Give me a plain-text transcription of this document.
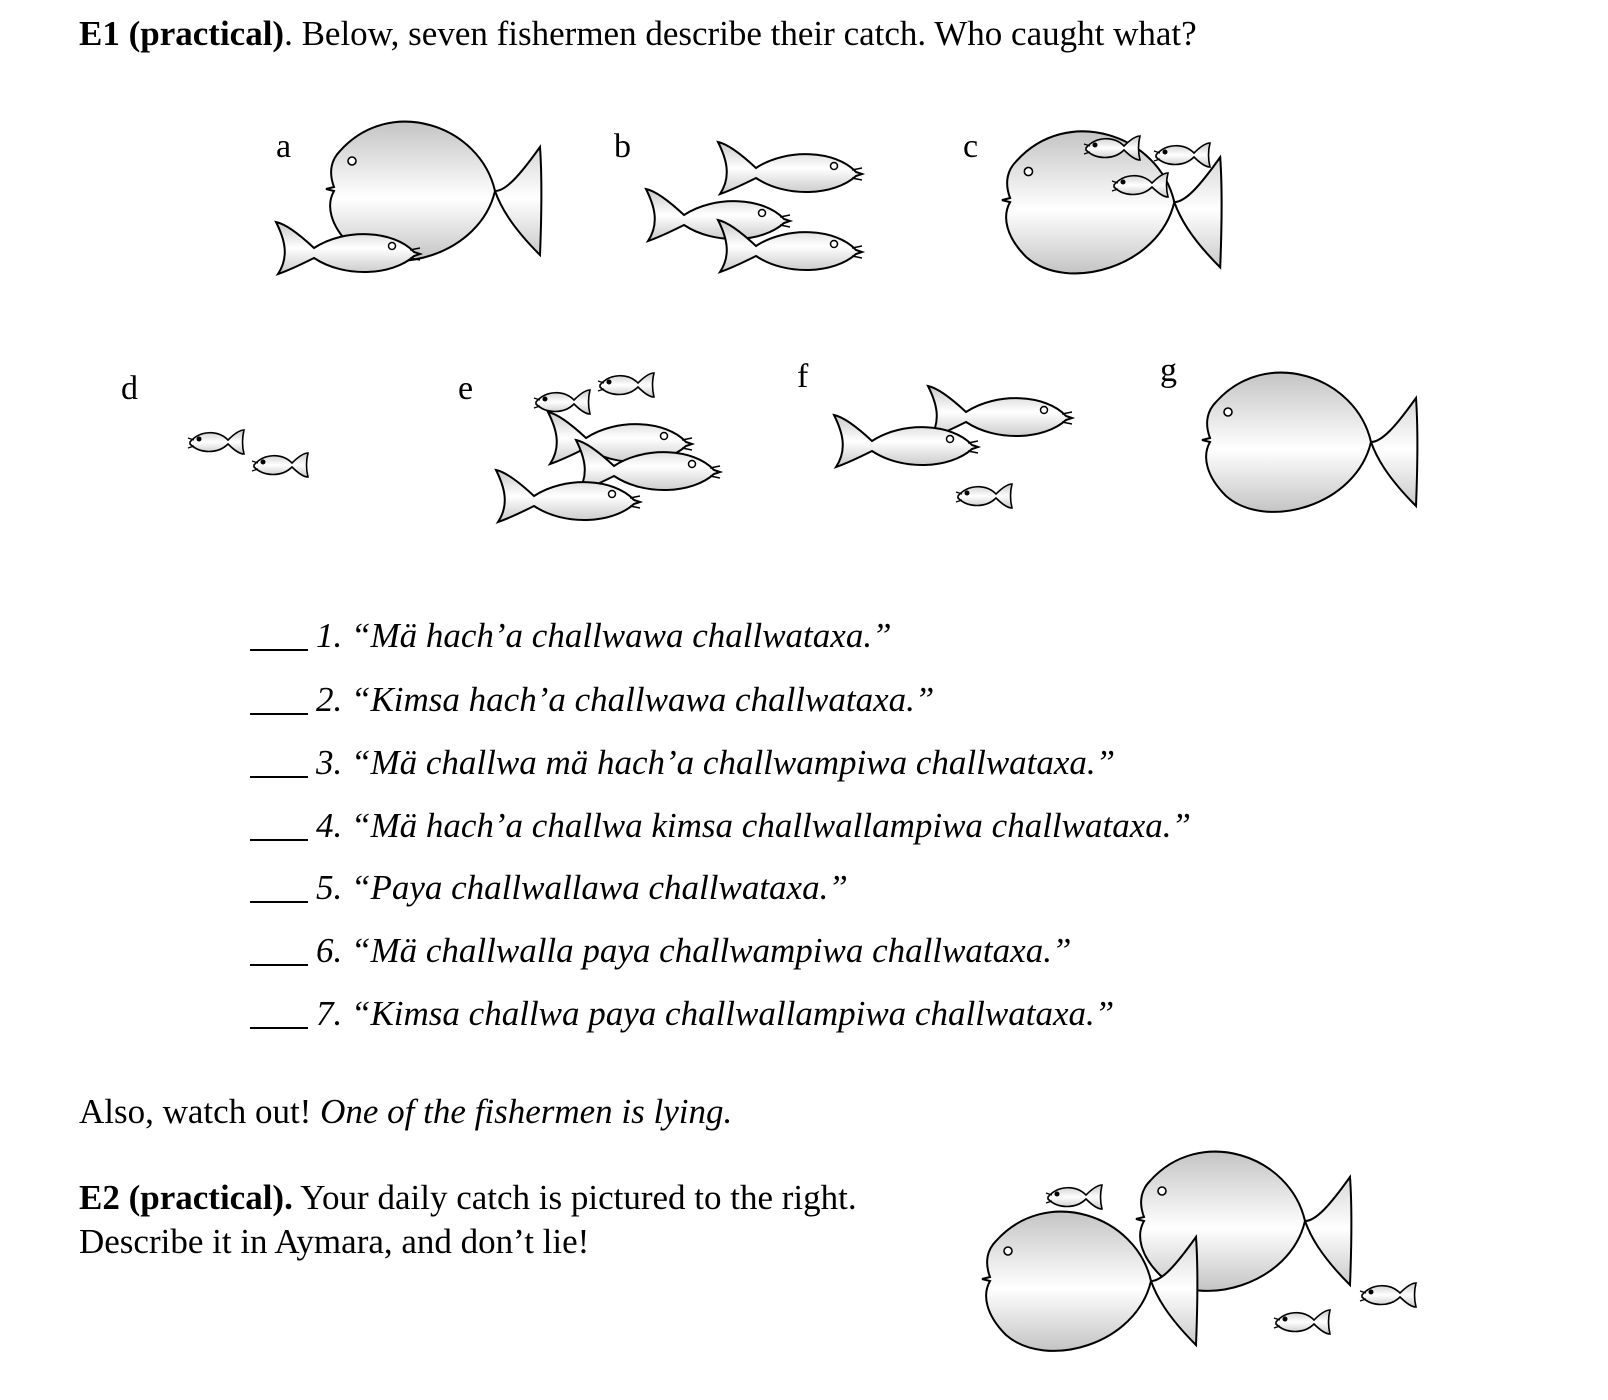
E1 (practical). Below, seven fishermen describe their catch. Who caught what?
a	b	c
d	e	f	g
1. “Mä hach’a challwawa challwataxa.”
2. “Kimsa hach’a challwawa challwataxa.”
3. “Mä challwa mä hach’a challwampiwa challwataxa.”
4. “Mä hach’a challwa kimsa challwallampiwa challwataxa.”
5. “Paya challwallawa challwataxa.”
6. “Mä challwalla paya challwampiwa challwataxa.”
7. “Kimsa challwa paya challwallampiwa challwataxa.”
Also, watch out! One of the fishermen is lying.
E2 (practical). Your daily catch is pictured to the right.
Describe it in Aymara, and don’t lie!
